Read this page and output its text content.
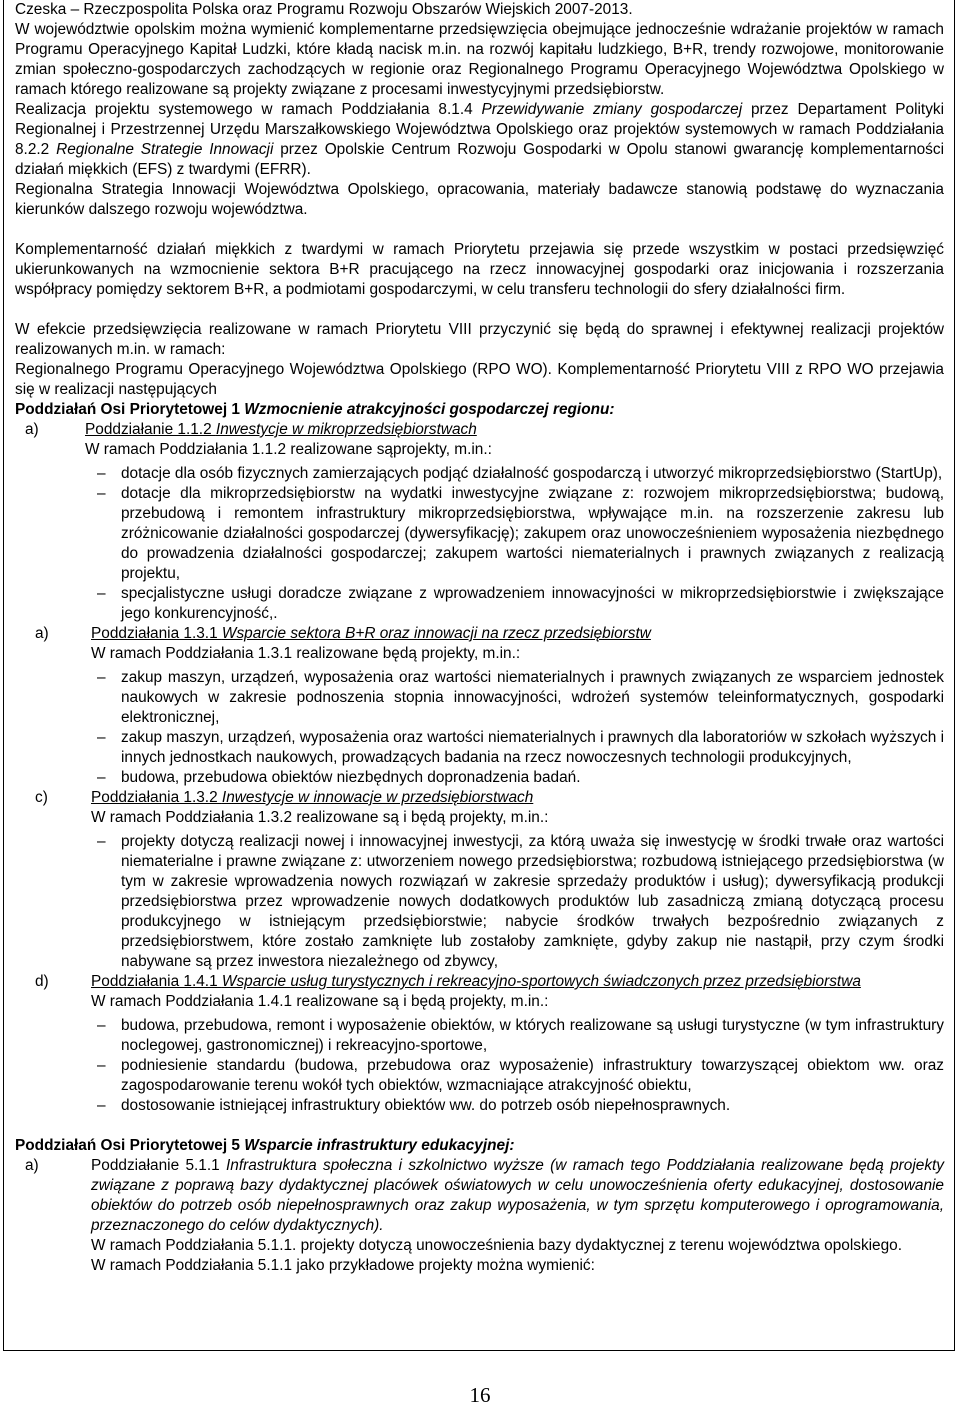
Czeska – Rzeczpospolita Polska oraz Programu Rozwoju Obszarów Wiejskich 2007-2013.

W województwie opolskim można wymienić komplementarne przedsięwzięcia obejmujące jednocześnie wdrażanie projektów w ramach Programu Operacyjnego Kapitał Ludzki, które kładą nacisk m.in. na rozwój kapitału ludzkiego, B+R, trendy rozwojowe, monitorowanie zmian społeczno-gospodarczych zachodzących w regionie oraz Regionalnego Programu Operacyjnego Województwa Opolskiego w ramach którego realizowane są projekty związane z procesami inwestycyjnymi przedsiębiorstw.

Realizacja projektu systemowego w ramach Poddziałania 8.1.4 Przewidywanie zmiany gospodarczej przez Departament Polityki Regionalnej i Przestrzennej Urzędu Marszałkowskiego Województwa Opolskiego oraz projektów systemowych w ramach Poddziałania 8.2.2 Regionalne Strategie Innowacji przez Opolskie Centrum Rozwoju Gospodarki w Opolu stanowi gwarancję komplementarności działań miękkich (EFS) z twardymi (EFRR).

Regionalna Strategia Innowacji Województwa Opolskiego, opracowania, materiały badawcze stanowią podstawę do wyznaczania kierunków dalszego rozwoju województwa.

Komplementarność działań miękkich z twardymi w ramach Priorytetu przejawia się przede wszystkim w postaci przedsięwzięć ukierunkowanych na wzmocnienie sektora B+R pracującego na rzecz innowacyjnej gospodarki oraz inicjowania i rozszerzania współpracy pomiędzy sektorem B+R, a podmiotami gospodarczymi, w celu transferu technologii do sfery działalności firm.

W efekcie przedsięwzięcia realizowane w ramach Priorytetu VIII przyczynić się będą do sprawnej i efektywnej realizacji projektów realizowanych m.in. w ramach:

Regionalnego Programu Operacyjnego Województwa Opolskiego (RPO WO). Komplementarność Priorytetu VIII z RPO WO przejawia się w realizacji następujących

Poddziałań Osi Priorytetowej 1 Wzmocnienie atrakcyjności gospodarczej regionu:

a)	Poddziałanie 1.1.2 Inwestycje w mikroprzedsiębiorstwach

W ramach Poddziałania 1.1.2 realizowane sąprojekty, m.in.:

–	dotacje dla osób fizycznych zamierzających podjąć działalność gospodarczą i utworzyć mikroprzedsiębiorstwo (StartUp),
–	dotacje dla mikroprzedsiębiorstw na wydatki inwestycyjne związane z: rozwojem mikroprzedsiębiorstwa; budową, przebudową i remontem infrastruktury mikroprzedsiębiorstwa, wpływające m.in. na rozszerzenie zakresu lub zróżnicowanie działalności gospodarczej (dywersyfikację); zakupem oraz unowocześnieniem wyposażenia niezbędnego do prowadzenia działalności gospodarczej; zakupem wartości niematerialnych i prawnych związanych z realizacją projektu,
–	specjalistyczne usługi doradcze związane z wprowadzeniem innowacyjności w mikroprzedsiębiorstwie i zwiększające jego konkurencyjność,.
a)	Poddziałania 1.3.1 Wsparcie sektora B+R oraz innowacji na rzecz przedsiębiorstw

W ramach Poddziałania 1.3.1 realizowane będą projekty, m.in.:

–	zakup maszyn, urządzeń, wyposażenia oraz wartości niematerialnych i prawnych związanych ze wsparciem jednostek naukowych w zakresie podnoszenia stopnia innowacyjności, wdrożeń systemów teleinformatycznych, gospodarki elektronicznej,
–	zakup maszyn, urządzeń, wyposażenia oraz wartości niematerialnych i prawnych dla laboratoriów w szkołach wyższych i innych jednostkach naukowych, prowadzących badania na rzecz nowoczesnych technologii produkcyjnych,
–	budowa, przebudowa obiektów niezbędnych dopronadzenia badań.
c)	Poddziałania 1.3.2 Inwestycje w innowacje w przedsiębiorstwach

W ramach Poddziałania 1.3.2 realizowane są i będą projekty, m.in.:

–	projekty dotyczą realizacji nowej i innowacyjnej inwestycji, za którą uważa się inwestycję w środki trwałe oraz wartości niematerialne i prawne związane z: utworzeniem nowego przedsiębiorstwa; rozbudową istniejącego przedsiębiorstwa (w tym w zakresie wprowadzenia nowych rozwiązań w zakresie sprzedaży produktów i usług); dywersyfikacją produkcji przedsiębiorstwa przez wprowadzenie nowych dodatkowych produktów lub zasadniczą zmianą dotyczącą procesu produkcyjnego w istniejącym przedsiębiorstwie; nabycie środków trwałych bezpośrednio związanych z przedsiębiorstwem, które zostało zamknięte lub zostałoby zamknięte, gdyby zakup nie nastąpił, przy czym środki nabywane są przez inwestora niezależnego od zbywcy,
d)	Poddziałania 1.4.1 Wsparcie usług turystycznych i rekreacyjno-sportowych świadczonych przez przedsiębiorstwa

W ramach Poddziałania 1.4.1 realizowane są i będą projekty, m.in.:

–	budowa, przebudowa, remont i wyposażenie obiektów, w których realizowane są usługi turystyczne (w tym infrastruktury noclegowej, gastronomicznej) i rekreacyjno-sportowe,
–	podniesienie standardu (budowa, przebudowa oraz wyposażenie) infrastruktury towarzyszącej obiektom ww. oraz zagospodarowanie terenu wokół tych obiektów, wzmacniające atrakcyjność obiektu,
–	dostosowanie istniejącej infrastruktury obiektów ww. do potrzeb osób niepełnosprawnych.

Poddziałań Osi Priorytetowej 5 Wsparcie infrastruktury edukacyjnej:

a)	Poddziałanie 5.1.1 Infrastruktura społeczna i szkolnictwo wyższe (w ramach tego Poddziałania realizowane będą projekty związane z poprawą bazy dydaktycznej placówek oświatowych w celu unowocześnienia oferty edukacyjnej, dostosowanie obiektów do potrzeb osób niepełnosprawnych oraz zakup wyposażenia, w tym sprzętu komputerowego i oprogramowania, przeznaczonego do celów dydaktycznych).

W ramach Poddziałania 5.1.1. projekty dotyczą unowocześnienia bazy dydaktycznej z terenu województwa opolskiego.

W ramach Poddziałania 5.1.1 jako przykładowe projekty można wymienić:

16
